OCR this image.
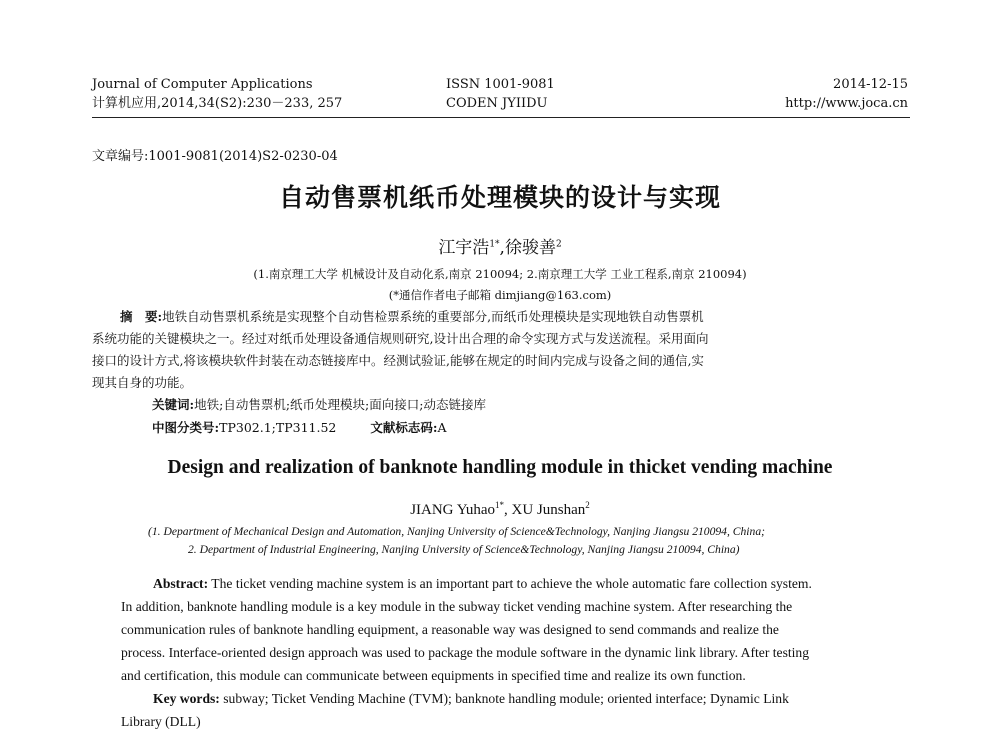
Journal of Computer Applications
计算机应用,2014,34(S2):230－233, 257
ISSN 1001-9081
CODEN JYIIDU
2014-12-15
http://www.joca.cn
文章编号:1001-9081(2014)S2-0230-04
自动售票机纸币处理模块的设计与实现
江宇浩$^{1*}$,徐骏善$^2$
(1.南京理工大学 机械设计及自动化系,南京 210094; 2.南京理工大学 工业工程系,南京 210094)
(*通信作者电子邮箱 dimjiang@163.com)
摘　要:地铁自动售票机系统是实现整个自动售检票系统的重要部分,而纸币处理模块是实现地铁自动售票机
系统功能的关键模块之一。经过对纸币处理设备通信规则研究,设计出合理的命令实现方式与发送流程。采用面向
接口的设计方式,将该模块软件封装在动态链接库中。经测试验证,能够在规定的时间内完成与设备之间的通信,实
现其自身的功能。
关键词:地铁;自动售票机;纸币处理模块;面向接口;动态链接库
中图分类号:TP302.1;TP311.52	文献标志码:A
Design and realization of banknote handling module in thicket vending machine
JIANG Yuhao$^{1*}$, XU Junshan$^2$
(1. Department of Mechanical Design and Automation, Nanjing University of Science&Technology, Nanjing Jiangsu 210094, China;
2. Department of Industrial Engineering, Nanjing University of Science&Technology, Nanjing Jiangsu 210094, China)
Abstract: The ticket vending machine system is an important part to achieve the whole automatic fare collection system.
In addition, banknote handling module is a key module in the subway ticket vending machine system. After researching the
communication rules of banknote handling equipment, a reasonable way was designed to send commands and realize the
process. Interface-oriented design approach was used to package the module software in the dynamic link library. After testing
and certification, this module can communicate between equipments in specified time and realize its own function.
Key words: subway; Ticket Vending Machine (TVM); banknote handling module; oriented interface; Dynamic Link
Library (DLL)
